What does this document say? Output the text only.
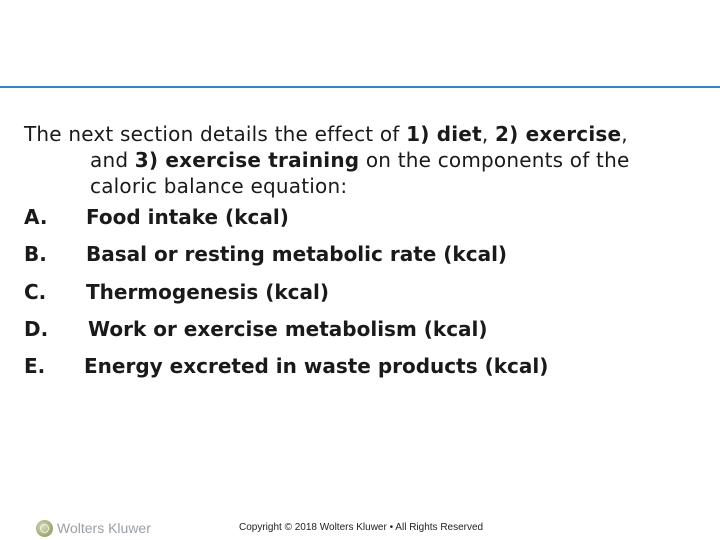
The next section details the effect of 1) diet, 2) exercise,
and 3) exercise training on the components of the
caloric balance equation:
A. Food intake (kcal)
B. Basal or resting metabolic rate (kcal)
C. Thermogenesis (kcal)
D. Work or exercise metabolism (kcal)
E. Energy excreted in waste products (kcal)
Wolters Kluwer	Copyright © 2018 Wolters Kluwer • All Rights Reserved
